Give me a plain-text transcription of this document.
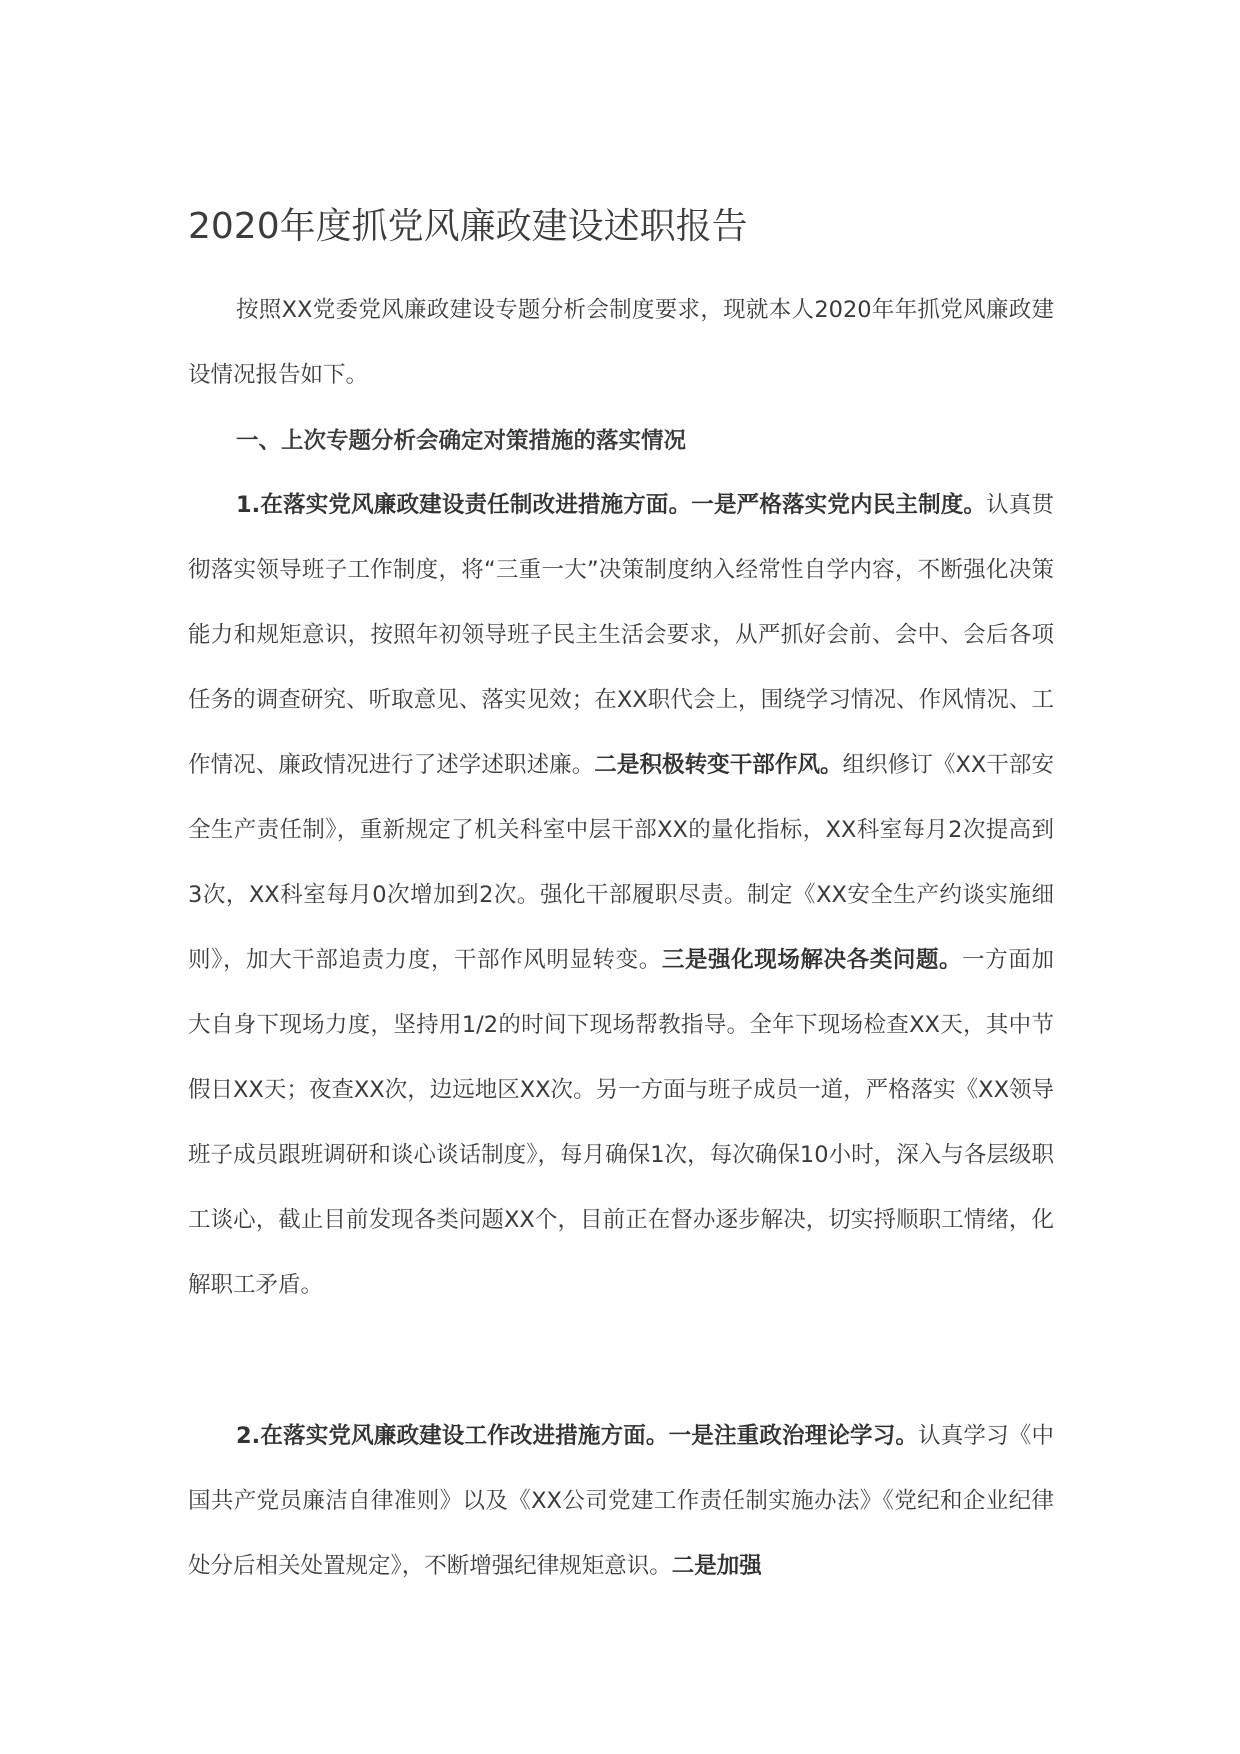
2020年度抓党风廉政建设述职报告

按照XX党委党风廉政建设专题分析会制度要求，现就本人2020年年抓党风廉政建设情况报告如下。

一、上次专题分析会确定对策措施的落实情况

1.在落实党风廉政建设责任制改进措施方面。一是严格落实党内民主制度。认真贯彻落实领导班子工作制度，将“三重一大”决策制度纳入经常性自学内容，不断强化决策能力和规矩意识，按照年初领导班子民主生活会要求，从严抓好会前、会中、会后各项任务的调查研究、听取意见、落实见效；在XX职代会上，围绕学习情况、作风情况、工作情况、廉政情况进行了述学述职述廉。二是积极转变干部作风。组织修订《XX干部安全生产责任制》，重新规定了机关科室中层干部XX的量化指标，XX科室每月2次提高到3次，XX科室每月0次增加到2次。强化干部履职尽责。制定《XX安全生产约谈实施细则》，加大干部追责力度，干部作风明显转变。三是强化现场解决各类问题。一方面加大自身下现场力度，坚持用1/2的时间下现场帮教指导。全年下现场检查XX天，其中节假日XX天；夜查XX次，边远地区XX次。另一方面与班子成员一道，严格落实《XX领导班子成员跟班调研和谈心谈话制度》，每月确保1次，每次确保10小时，深入与各层级职工谈心，截止目前发现各类问题XX个，目前正在督办逐步解决，切实捋顺职工情绪，化解职工矛盾。

2.在落实党风廉政建设工作改进措施方面。一是注重政治理论学习。认真学习《中国共产党员廉洁自律准则》以及《XX公司党建工作责任制实施办法》《党纪和企业纪律处分后相关处置规定》，不断增强纪律规矩意识。二是加强
